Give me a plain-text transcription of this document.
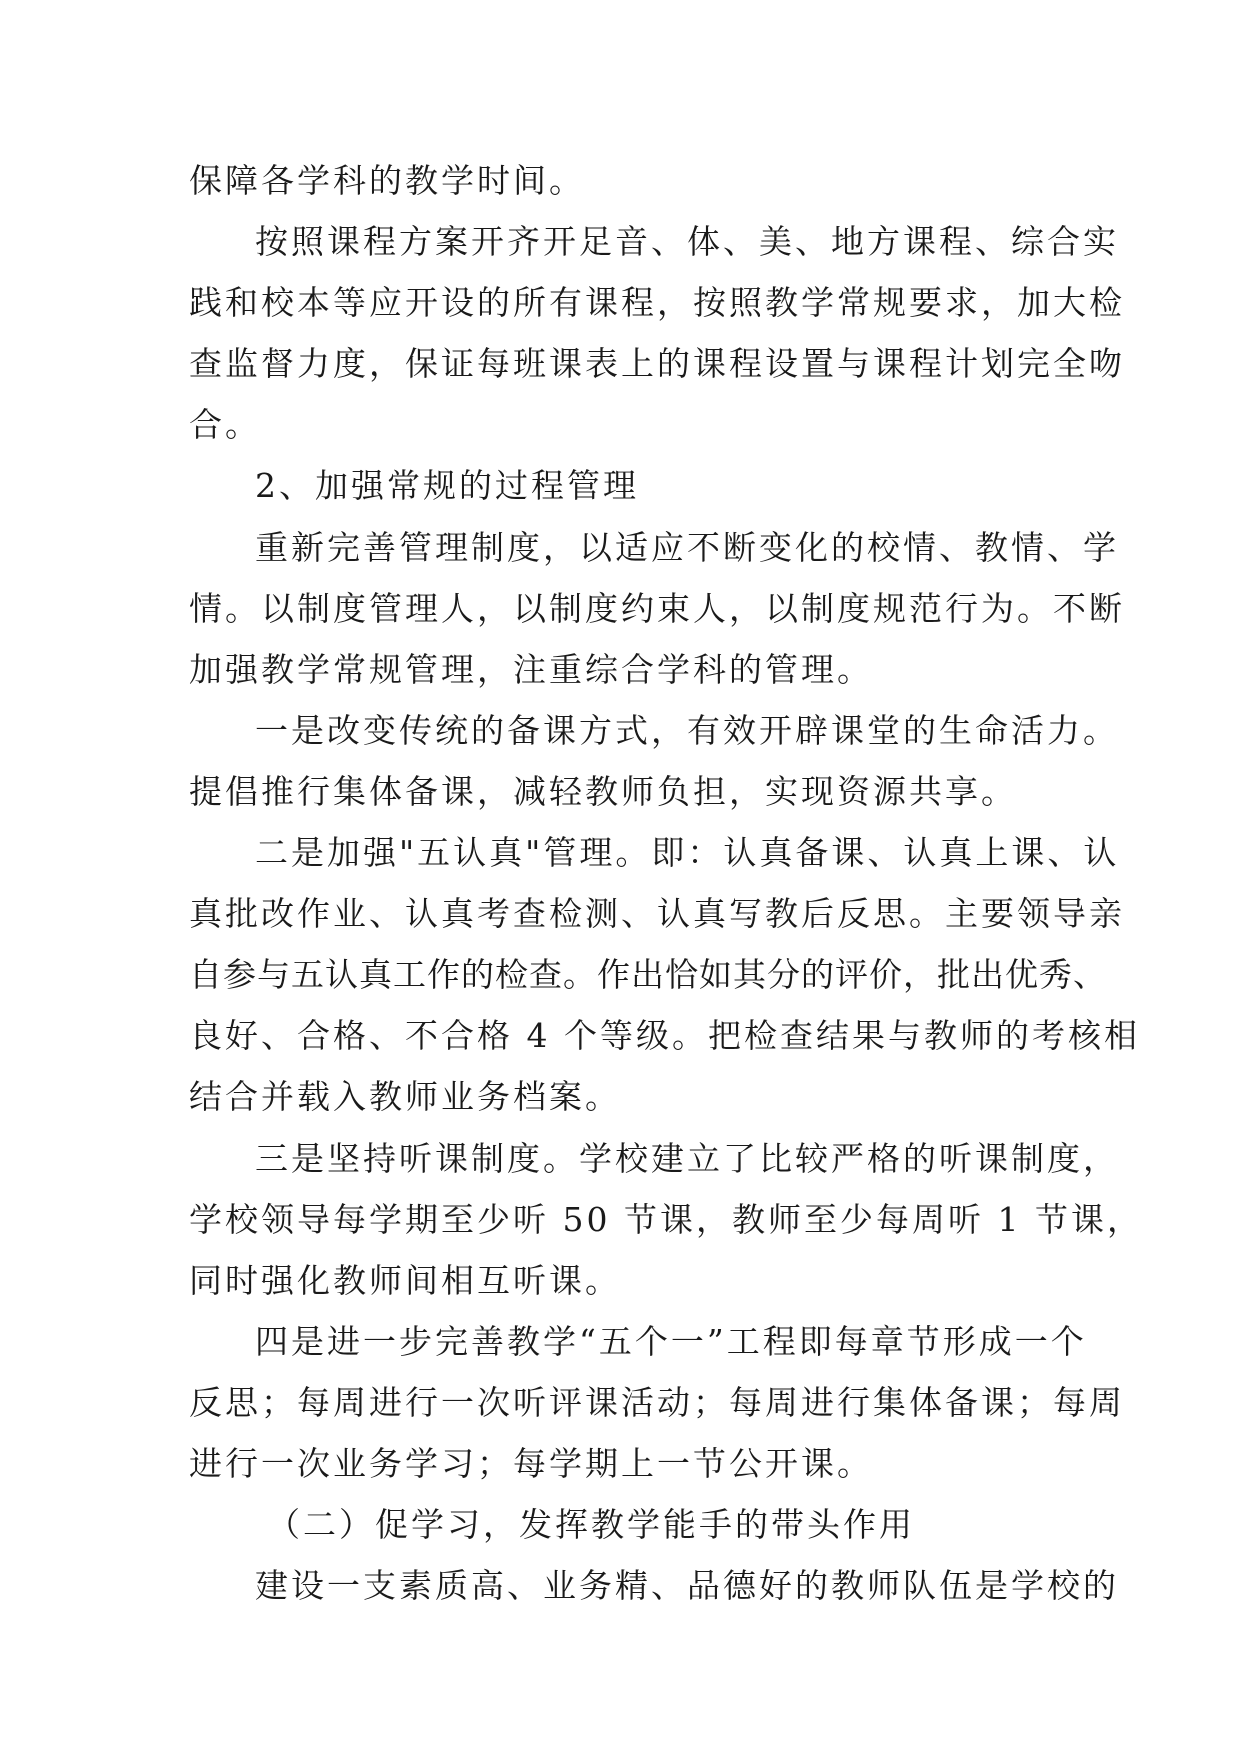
保障各学科的教学时间。

按照课程方案开齐开足音、体、美、地方课程、综合实
践和校本等应开设的所有课程，按照教学常规要求，加大检
查监督力度，保证每班课表上的课程设置与课程计划完全吻
合。

2、加强常规的过程管理

重新完善管理制度，以适应不断变化的校情、教情、学
情。以制度管理人，以制度约束人，以制度规范行为。不断
加强教学常规管理，注重综合学科的管理。

一是改变传统的备课方式，有效开辟课堂的生命活力。
提倡推行集体备课，减轻教师负担，实现资源共享。

二是加强"五认真"管理。即：认真备课、认真上课、认
真批改作业、认真考查检测、认真写教后反思。主要领导亲
自参与五认真工作的检查。作出恰如其分的评价，批出优秀、
良好、合格、不合格 4 个等级。把检查结果与教师的考核相
结合并载入教师业务档案。

三是坚持听课制度。学校建立了比较严格的听课制度，
学校领导每学期至少听 50 节课，教师至少每周听 1 节课，
同时强化教师间相互听课。

四是进一步完善教学“五个一”工程即每章节形成一个
反思；每周进行一次听评课活动；每周进行集体备课；每周
进行一次业务学习；每学期上一节公开课。

（二）促学习，发挥教学能手的带头作用

建设一支素质高、业务精、品德好的教师队伍是学校的
